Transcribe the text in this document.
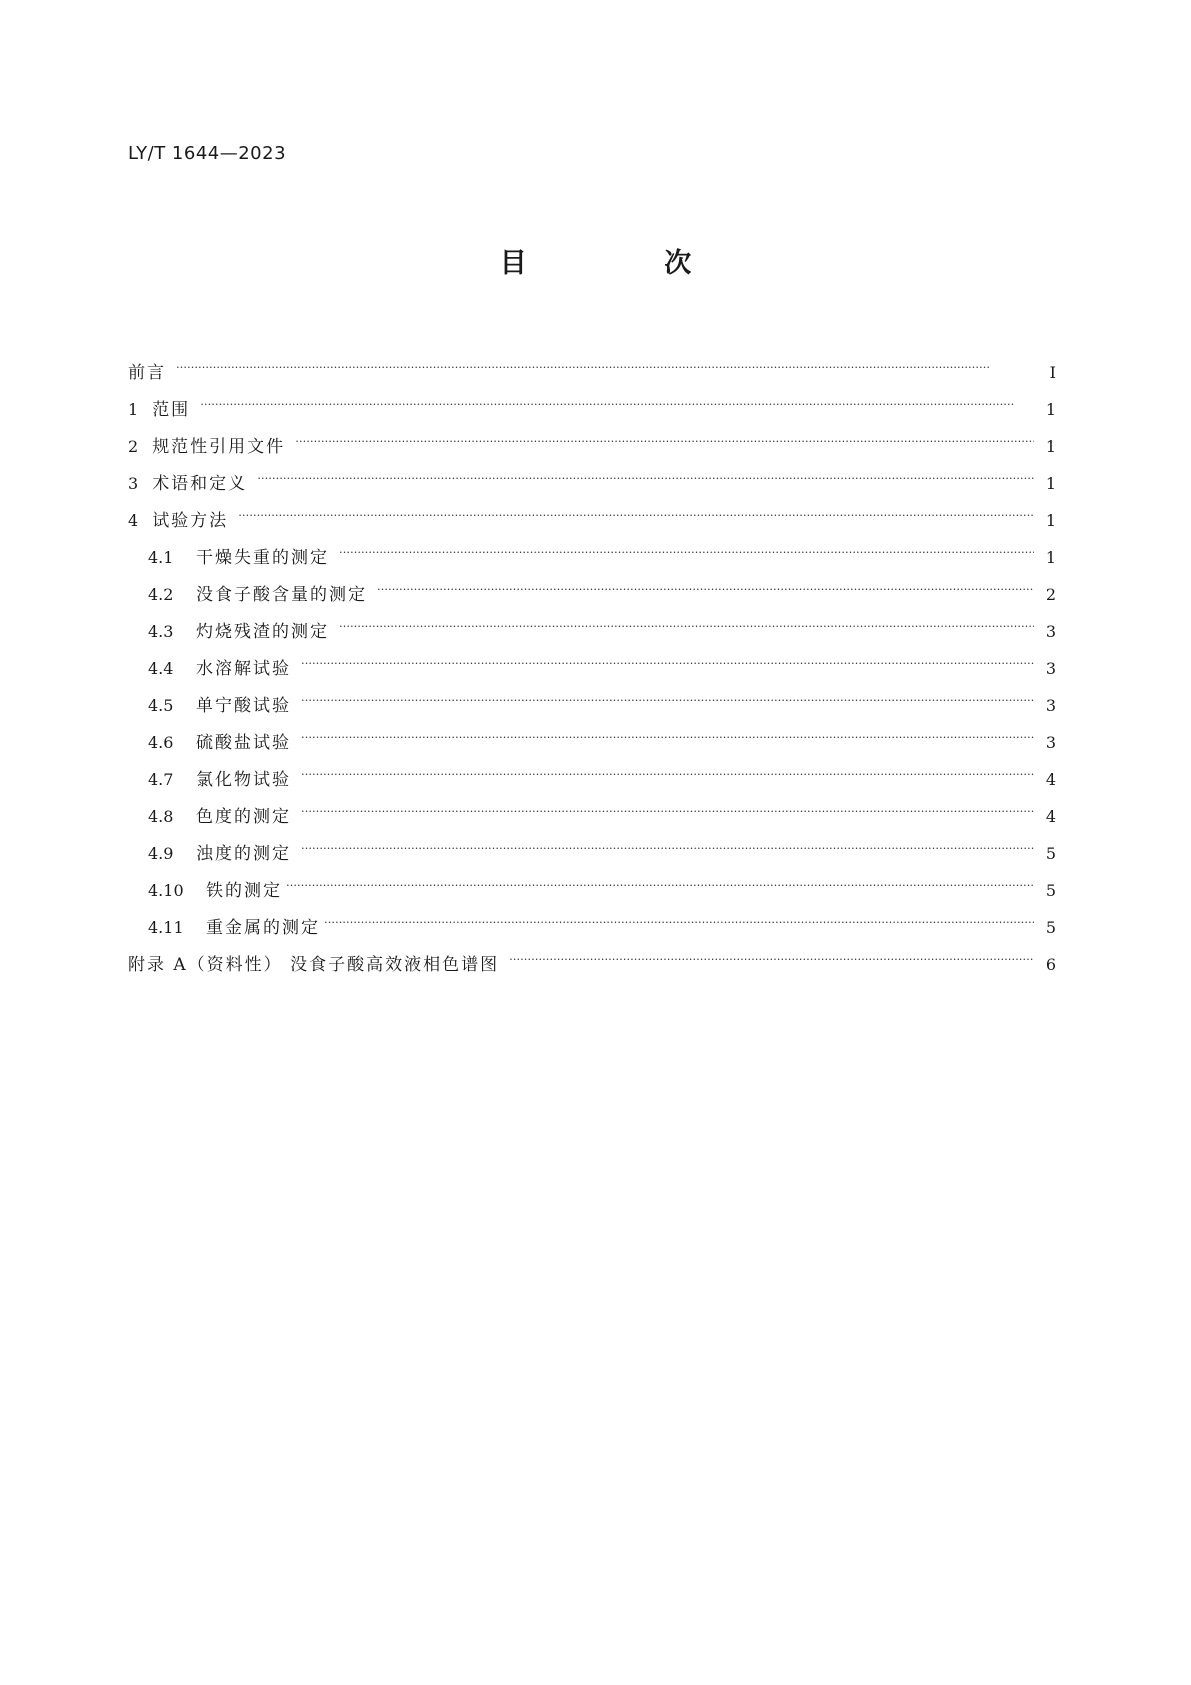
LY/T 1644—2023
目 次
前言 ……………………………………………………………………………………………………………………………………………………………………………………………………	Ⅰ
1 范围 ……………………………………………………………………………………………………………………………………………………………………………………………………	1
2 规范性引用文件 ……………………………………………………………………………………………………………………………………………………………………………………………………	1
3 术语和定义 ……………………………………………………………………………………………………………………………………………………………………………………………………	1
4 试验方法 ……………………………………………………………………………………………………………………………………………………………………………………………………	1
4.1	干燥失重的测定 ……………………………………………………………………………………………………………………………………………………………………………………………………	1
4.2	没食子酸含量的测定 ……………………………………………………………………………………………………………………………………………………………………………………………………	2
4.3	灼烧残渣的测定 ……………………………………………………………………………………………………………………………………………………………………………………………………	3
4.4	水溶解试验 ……………………………………………………………………………………………………………………………………………………………………………………………………	3
4.5	单宁酸试验 ……………………………………………………………………………………………………………………………………………………………………………………………………	3
4.6	硫酸盐试验 ……………………………………………………………………………………………………………………………………………………………………………………………………	3
4.7	氯化物试验 ……………………………………………………………………………………………………………………………………………………………………………………………………	4
4.8	色度的测定 ……………………………………………………………………………………………………………………………………………………………………………………………………	4
4.9	浊度的测定 ……………………………………………………………………………………………………………………………………………………………………………………………………	5
4.10	铁的测定 ……………………………………………………………………………………………………………………………………………………………………………………………………	5
4.11	重金属的测定 ……………………………………………………………………………………………………………………………………………………………………………………………………	5
附录 A（资料性） 没食子酸高效液相色谱图 ……………………………………………………………………………………………………………………………………………………………………………………………………	6
